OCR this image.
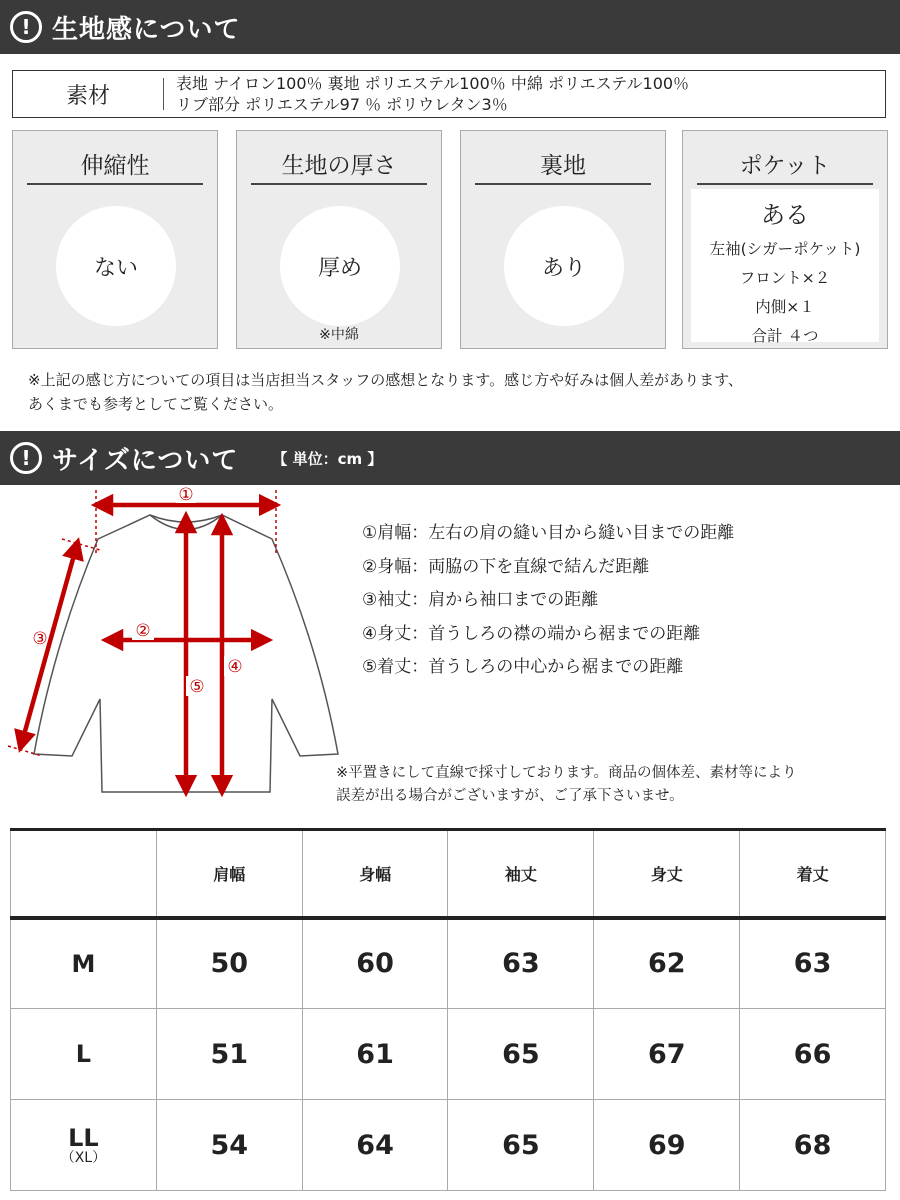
! 生地感について
素材	表地 ナイロン100％ 裏地 ポリエステル100％ 中綿 ポリエステル100％
リブ部分 ポリエステル97 ％ ポリウレタン3％
伸縮性
ない
生地の厚さ
厚め
※中綿
裏地
あり
ポケット
ある
左袖(シガーポケット)
フロント×２
内側×１
合計 ４つ
※上記の感じ方についての項目は当店担当スタッフの感想となります。感じ方や好みは個人差があります、
あくまでも参考としてご覧ください。
! サイズについて 【 単位：cm 】
①
②
③
④
⑤
①肩幅：左右の肩の縫い目から縫い目までの距離
②身幅：両脇の下を直線で結んだ距離
③袖丈：肩から袖口までの距離
④身丈：首うしろの襟の端から裾までの距離
⑤着丈：首うしろの中心から裾までの距離
※平置きにして直線で採寸しております。商品の個体差、素材等により
誤差が出る場合がございますが、ご了承下さいませ。
	肩幅	身幅	袖丈	身丈	着丈
M	50	60	63	62	63
L	51	61	65	67	66
LL
（XL）	54	64	65	69	68
